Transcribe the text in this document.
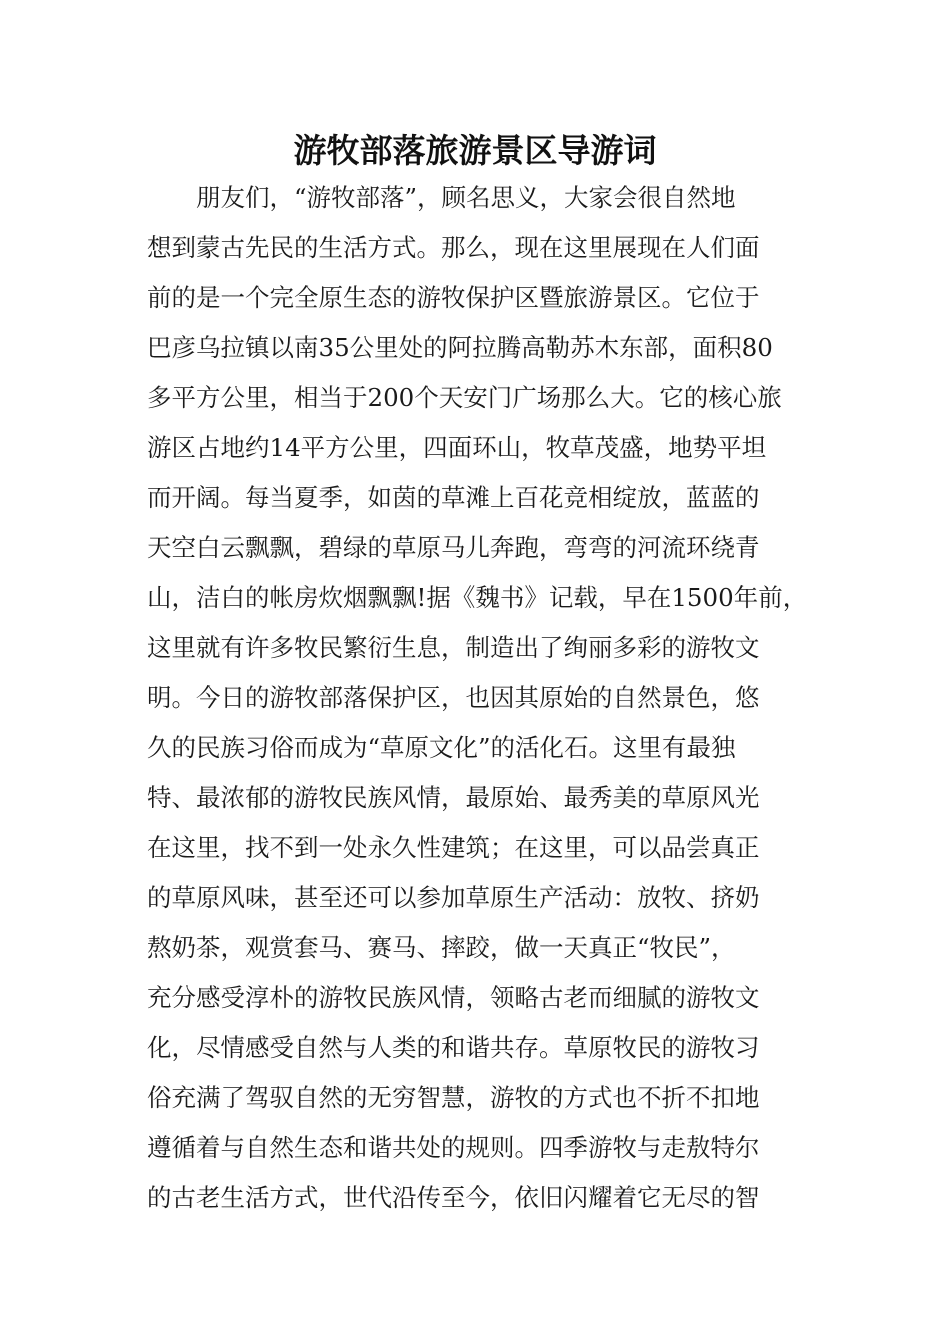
游牧部落旅游景区导游词

　　朋友们，“游牧部落”，顾名思义，大家会很自然地

想到蒙古先民的生活方式。那么，现在这里展现在人们面

前的是一个完全原生态的游牧保护区暨旅游景区。它位于

巴彦乌拉镇以南35公里处的阿拉腾高勒苏木东部，面积80

多平方公里，相当于200个天安门广场那么大。它的核心旅

游区占地约14平方公里，四面环山，牧草茂盛，地势平坦

而开阔。每当夏季，如茵的草滩上百花竞相绽放，蓝蓝的

天空白云飘飘，碧绿的草原马儿奔跑，弯弯的河流环绕青

山，洁白的帐房炊烟飘飘!据《魏书》记载，早在1500年前，

这里就有许多牧民繁衍生息，制造出了绚丽多彩的游牧文

明。今日的游牧部落保护区，也因其原始的自然景色，悠

久的民族习俗而成为“草原文化”的活化石。这里有最独

特、最浓郁的游牧民族风情，最原始、最秀美的草原风光

在这里，找不到一处永久性建筑；在这里，可以品尝真正

的草原风味，甚至还可以参加草原生产活动：放牧、挤奶

熬奶茶，观赏套马、赛马、摔跤，做一天真正“牧民”，

充分感受淳朴的游牧民族风情，领略古老而细腻的游牧文

化，尽情感受自然与人类的和谐共存。草原牧民的游牧习

俗充满了驾驭自然的无穷智慧，游牧的方式也不折不扣地

遵循着与自然生态和谐共处的规则。四季游牧与走敖特尔

的古老生活方式，世代沿传至今，依旧闪耀着它无尽的智
